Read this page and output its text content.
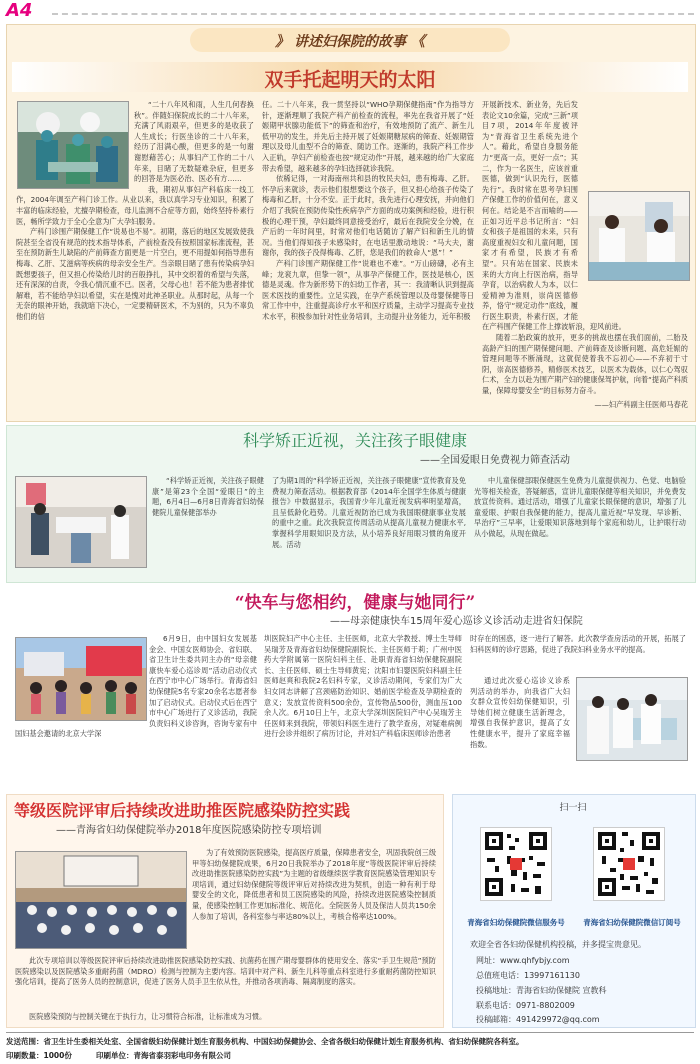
A4
》 讲述妇保院的故事 《
双手托起明天的太阳

“二十八年风和雨，人生几何春换秋”。伴随妇保院成长的二十八年来，充满了风雨艰辛，但更多的是收获了人生成长；行医坐诊的二十八年来，经历了泪满心酸，但更多的是一句谢谢慰藉苦心；从事妇产工作的二十八年来，目睹了无数疑难杂症，但更多的回答是为医必治、医必有方……

我，期初从事妇产科临床一线工作，2004年调至产科门诊工作。从业以来，我以真学习专业知识，积累了丰富的临床经验，尤擅孕期检查，母儿监测不合症等方面，始终坚持朴素行医，畅所学致力于全心全意为广大孕妇服务。

产科门诊围产期保健工作“说易也不易”。初期，落后的地区发展致使我院甚至全省没有规范的技术指导体系，产前检查没有按照国家标准流程，甚至在预防新生儿缺陷的产前筛查方面更是一片空白，更不用提如何指导患有梅毒、乙肝、艾滋病等疾病的母亲安全生产。当亲眼目睹了患有传染病孕妇既想要孩子，但又担心传染给儿时的百般挣扎，其中交织着的希望与失落，还有深深的自责，令我心情沉重不已。医者，父母心也！若不能为患者排忧解难，若不能给孕妇以希望，实在是愧对此神圣职业。从那时起，从每一个无奈的眼神开始，我就暗下决心，一定要精研医术，不为别的，只为不辜负他们的信

任。二十八年来，我一贯坚持以“WHO孕期保健指南”作为指导方针，逐渐理顺了我院产科产前检查的流程，率先在我省开展了“妊娠期甲状腺功能低下”的筛查和治疗，有效地预防了流产、新生儿低甲功的发生，并先后主持开展了妊娠期糖尿病的筛查、妊娠期管理以及母儿血型不合的筛查、随访工作。逐渐的，我院产科工作步入正轨，孕妇产前检查也按“规定动作”开展，越来越的给广大家庭带去希望，越来越多的孕妇选择就诊我院。

依稀记得，一对海南州共和县的牧民夫妇，患有梅毒、乙肝。怀孕后来就诊，表示他们很想要这个孩子，但又担心给孩子传染了梅毒和乙肝，十分不安。正于此时，我先进行心理安抚，并向他们介绍了我院在预防传染性疾病孕产方面的成功案例和经验，进行积极的心理干预，孕妇最终同意接受治疗，最后在我院安全分娩，在产后的一年时间里，时常对他们电话随访了解产妇和新生儿的情况。当他们得知孩子未感染时，在电话里激动地说：“马大夫，谢谢你，我的孩子没得梅毒、乙肝，您是我们的救命人“恩”！”

产科门诊围产期保健工作“说难也不难”。“万山磅礴，必有主峰；龙衮九章，但挚一领”，从事孕产保健工作，医技是核心，医德是灵魂。作为新形势下的妇幼工作者，其一：我清晰认识到提高医术医技的重要性。立足实践，在孕产系统管理以及母婴保健等日常工作中中，注重提高诊疗水平和医疗质量，主动学习提高专业技术水平，积极参加针对性业务培训，主动提升业务能力，近年积极

开展新技术、新业务，先后发表论文10余篇，完成“三新”项目7项，2014年年度被评为“青海省卫生系统先进个人”。藉此，希望自身服务能力“更高一点，更好一点”；其二，作为一名医生，应该首重医德，做到“认识先行，医德先行”。我时常在思考孕妇围产保健工作的价值何在，意义何在。结论是不言而喻的——正如习近平总书记所言：“妇女和孩子是祖国的未来，只有高度重视妇女和儿童问题，国家才有希望，民族才有希望”。只有站在国家、民族未来的大方向上行医治病，指导孕育，以治病救人为本，以仁爱精神为准则，崇尚医德修养，恪守“规定动作”底线，履行医生职责，朴素行医，才能在产科围产保健工作上撑波斩浪，迎风前进。

随着二胎政策的放开，更多的挑战也摆在我们面前，二胎及高龄产妇的围产期保健问题、产前筛查及诊断问题、高危妊娠的管理问题等不断涌现，这就促使着我不忘初心——不弃初于寸阴，崇高医德修养，精修医术技艺，以医术为载体，以仁心驾驭仁术，全力以赴为围产期产妇的健康保驾护航，向着“提高产科质量，保障母婴安全”的目标努力奋斗。

——妇产科副主任医师马春花
科学矫正近视，关注孩子眼健康
——全国爱眼日免费视力筛查活动
“科学矫正近视，关注孩子眼健康”是第23个全国“爱眼日”的主题，6月4日—6月8日青海省妇幼保健院儿童保健部举办
了为期1周的“科学矫正近视，关注孩子眼健康”宣传教育及免费视力筛查活动。根据教育部《2014年全国学生体质与健康报告》中数据显示，我国青少年儿童近视发病率明显增高，且呈低龄化趋势。儿童近视防治已成为我国眼健康事业发展的重中之重。此次我院宣传周活动从提高儿童视力健康水平,掌握科学用眼知识及方法，从小培养良好用眼习惯的角度开展。活动
中儿童保健部眼保健医生免费为儿童提供视力、色觉、电脑验光等相关检查，答疑解惑，宣讲儿童眼保健等相关知识，并免费发放宣传资料。通过活动，增强了儿童家长眼保健的意识，增强了儿童爱眼、护眼自我保健的能力，提高儿童近视“早发现、早诊断、早治疗”三早率，让爱眼知识落地到每个家庭和幼儿，让护眼行动从小做起，从现在做起。
“快车与您相约，健康与她同行”
——母亲健康快车15周年爱心巡诊义诊活动走进省妇保院

6月9日，由中国妇女发展基金会、中国女医师协会、省妇联、省卫生计生委共同主办的“母亲健康快车爱心巡诊周”活动启动仪式在西宁市中心广场举行。青海省妇幼保健院5名专家20余名志愿者参加了启动仪式。启动仪式后在西宁市中心广场进行了义诊活动，我院负责妇科义诊咨询，咨询专家有中国妇基会邀请的北京大学深

圳医院妇产中心主任、主任医师，北京大学教授、博士生导师吴瑞芳及青海省妇幼保健院副院长、主任医师于莉；广州中医药大学附属第一医院妇科主任、赴职青海省妇幼保健院副院长、主任医师、硕士生导师黄宪；沈阳市妇婴医院妇科副主任医师赵爽和我院2名妇科专家，义诊活动期间，专家们为广大妇女同志讲解了宫颈癌防治知识、婚前医学检查及孕期检查的意义；发放宣传资料500余份，宣传物品500份，测血压100余人次。6月10日上午，北京大学深圳医院妇产中心吴瑞芳主任医师来到我院，带领妇科医生进行了教学查房，对疑难病例进行会诊并组织了病历讨论，并对妇产科临床医师诊治患者
时存在的困惑，逐一进行了解答。此次教学查房活动的开展，拓展了妇科医师的诊疗思路，促进了我院妇科业务水平的提高。
通过此次爱心巡诊义诊系列活动的举办，向我省广大妇女群众宣传妇幼保健知识，引导她们树立健康生活新理念，增强自我保护意识，提高了女性健康水平，提升了家庭幸福指数。
等级医院评审后持续改进助推医院感染防控实践
——青海省妇幼保健院举办2018年度医院感染防控专项培训
为了有效预防医院感染，提高医疗质量，保障患者安全，巩固我院创三级甲等妇幼保健院成果，6月20日我院举办了2018年度“等级医院评审后持续改进助推医院感染防控实践”为主题的省级继续医学教育医院感染管理知识专项培训，通过妇幼保健院等级评审后对持续改进为契机，创造一种有利于母婴安全的文化，降低患者和员工医院感染的风险，持续改进医院感染控制质量，使感染控制工作更加标准化、规范化。全院医务人员及保洁人员共150余人参加了培训，各科室参与率达80%以上，考核合格率达100%。
此次专项培训以等级医院评审后持续改进助推医院感染防控实践、抗菌药在围产期母婴群体的使用安全、落实“手卫生规范”预防医院感染以及医院感染多重耐药菌（MDRO）检测与控制为主要内容。培训中对产科、新生儿科等重点科室进行多重耐药菌防控知识强化培训，提高了医务人员的控制意识，促进了医务人员手卫生依从性，并推动各项消毒、隔离制度的落实。
医院感染预防与控制关键在于执行力，让习惯符合标准，让标准成为习惯。
扫一扫
青海省妇幼保健院微信服务号	青海省妇幼保健院微信订阅号
欢迎全省各妇幼保健机构投稿，并多提宝贵意见。
网址：www.qhfybjy.com
总值班电话：13997161130
投稿地址：青海省妇幼保健院 宣教科
联系电话：0971-8802009
投稿邮箱：491429972@qq.com
发送范围：省卫生计生委相关处室、全国省级妇幼保健计划生育服务机构、中国妇幼保健协会、全省各级妇幼保健计划生育服务机构、省妇幼保健院各科室。
印刷数量：1000份	印刷单位：青海省泰羽彩电印务有限公司
